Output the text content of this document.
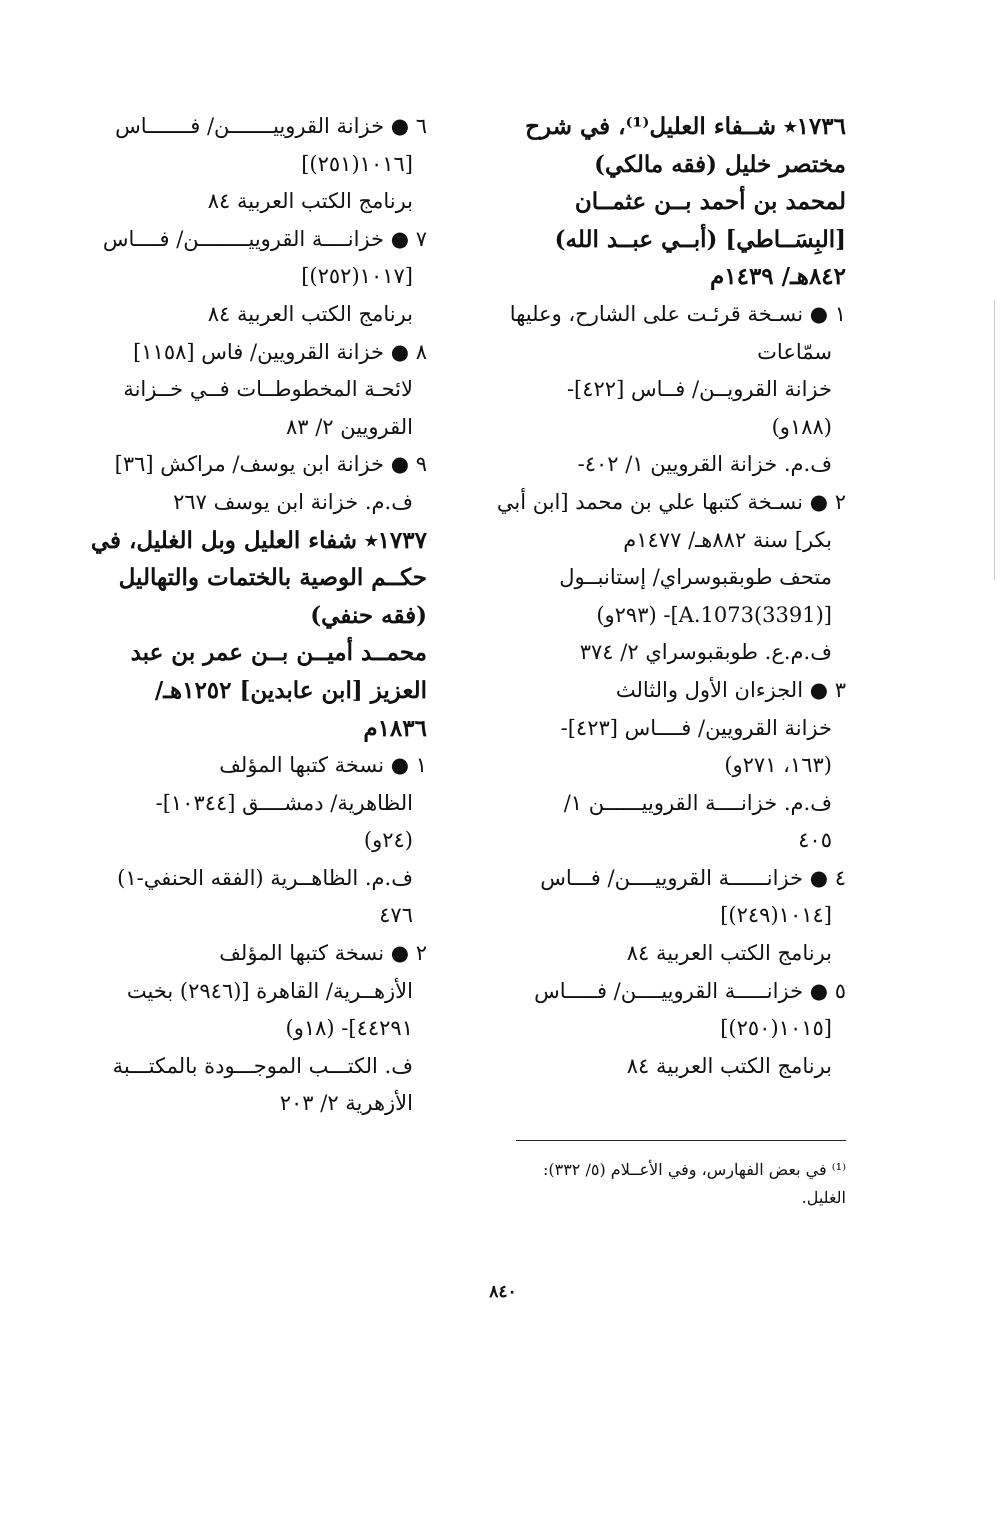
١٧٣٦٭ شــفاء العليل⁽¹⁾، في شرح
مختصر خليل (فقه مالكي)
لمحمد بن أحمد بــن عثمــان
[البِسَــاطي] (أبــي عبــد الله)
٨٤٢هـ/ ١٤٣٩م
١ ● نسـخة قرئـت على الشارح، وعليها
سمّاعات
خزانة القرويــن/ فــاس [٤٢٢]-
(١٨٨و)
ف.م. خزانة القرويين ١/ ٤٠٢-
٢ ● نسـخة كتبها علي بن محمد [ابن أبي
بكر] سنة ٨٨٢هـ/ ١٤٧٧م
متحف طوبقبوسراي/ إستانبــول
[A.1073(3391)]- (٢٩٣و)
ف.م.ع. طوبقبوسراي ٢/ ٣٧٤
٣ ● الجزءان الأول والثالث
خزانة القرويين/ فــــاس [٤٢٣]-
(١٦٣، ٢٧١و)
ف.م. خزانــــة القروييــــــن ١/
٤٠٥
٤ ● خزانــــــة القروييــــن/ فـــاس
[١٠١٤(٢٤٩)]
برنامج الكتب العربية ٨٤
٥ ● خزانـــــة القروييــــن/ فـــــاس
[١٠١٥(٢٥٠)]
برنامج الكتب العربية ٨٤
٦ ● خزانة القروييـــــــن/ فـــــــاس
[١٠١٦(٢٥١)]
برنامج الكتب العربية ٨٤
٧ ● خزانــــة القروييــــــــن/ فــــاس
[١٠١٧(٢٥٢)]
برنامج الكتب العربية ٨٤
٨ ● خزانة القرويين/ فاس [١١٥٨]
لائحـة المخطوطــات فــي خــزانة
القرويين ٢/ ٨٣
٩ ● خزانة ابن يوسف/ مراكش [٣٦]
ف.م. خزانة ابن يوسف ٢٦٧
١٧٣٧٭ شفاء العليل وبل الغليل، في
حكــم الوصية بالختمات والتهاليل
(فقه حنفي)
محمــد أميــن بــن عمر بن عبد
العزيز [ابن عابدين] ١٢٥٢هـ/
١٨٣٦م
١ ● نسخة كتبها المؤلف
الظاهرية/ دمشــــق [١٠٣٤٤]-
(٢٤و)
ف.م. الظاهــرية (الفقه الحنفي-١)
٤٧٦
٢ ● نسخة كتبها المؤلف
الأزهــرية/ القاهرة [(٢٩٤٦) بخيت
٤٤٢٩١]- (١٨و)
ف. الكتـــب الموجـــودة بالمكتـــبة
الأزهرية ٢/ ٢٠٣
⁽¹⁾ في بعض الفهارس، وفي الأعــلام (٥/ ٣٣٢):
الغليل.
٨٤٠
